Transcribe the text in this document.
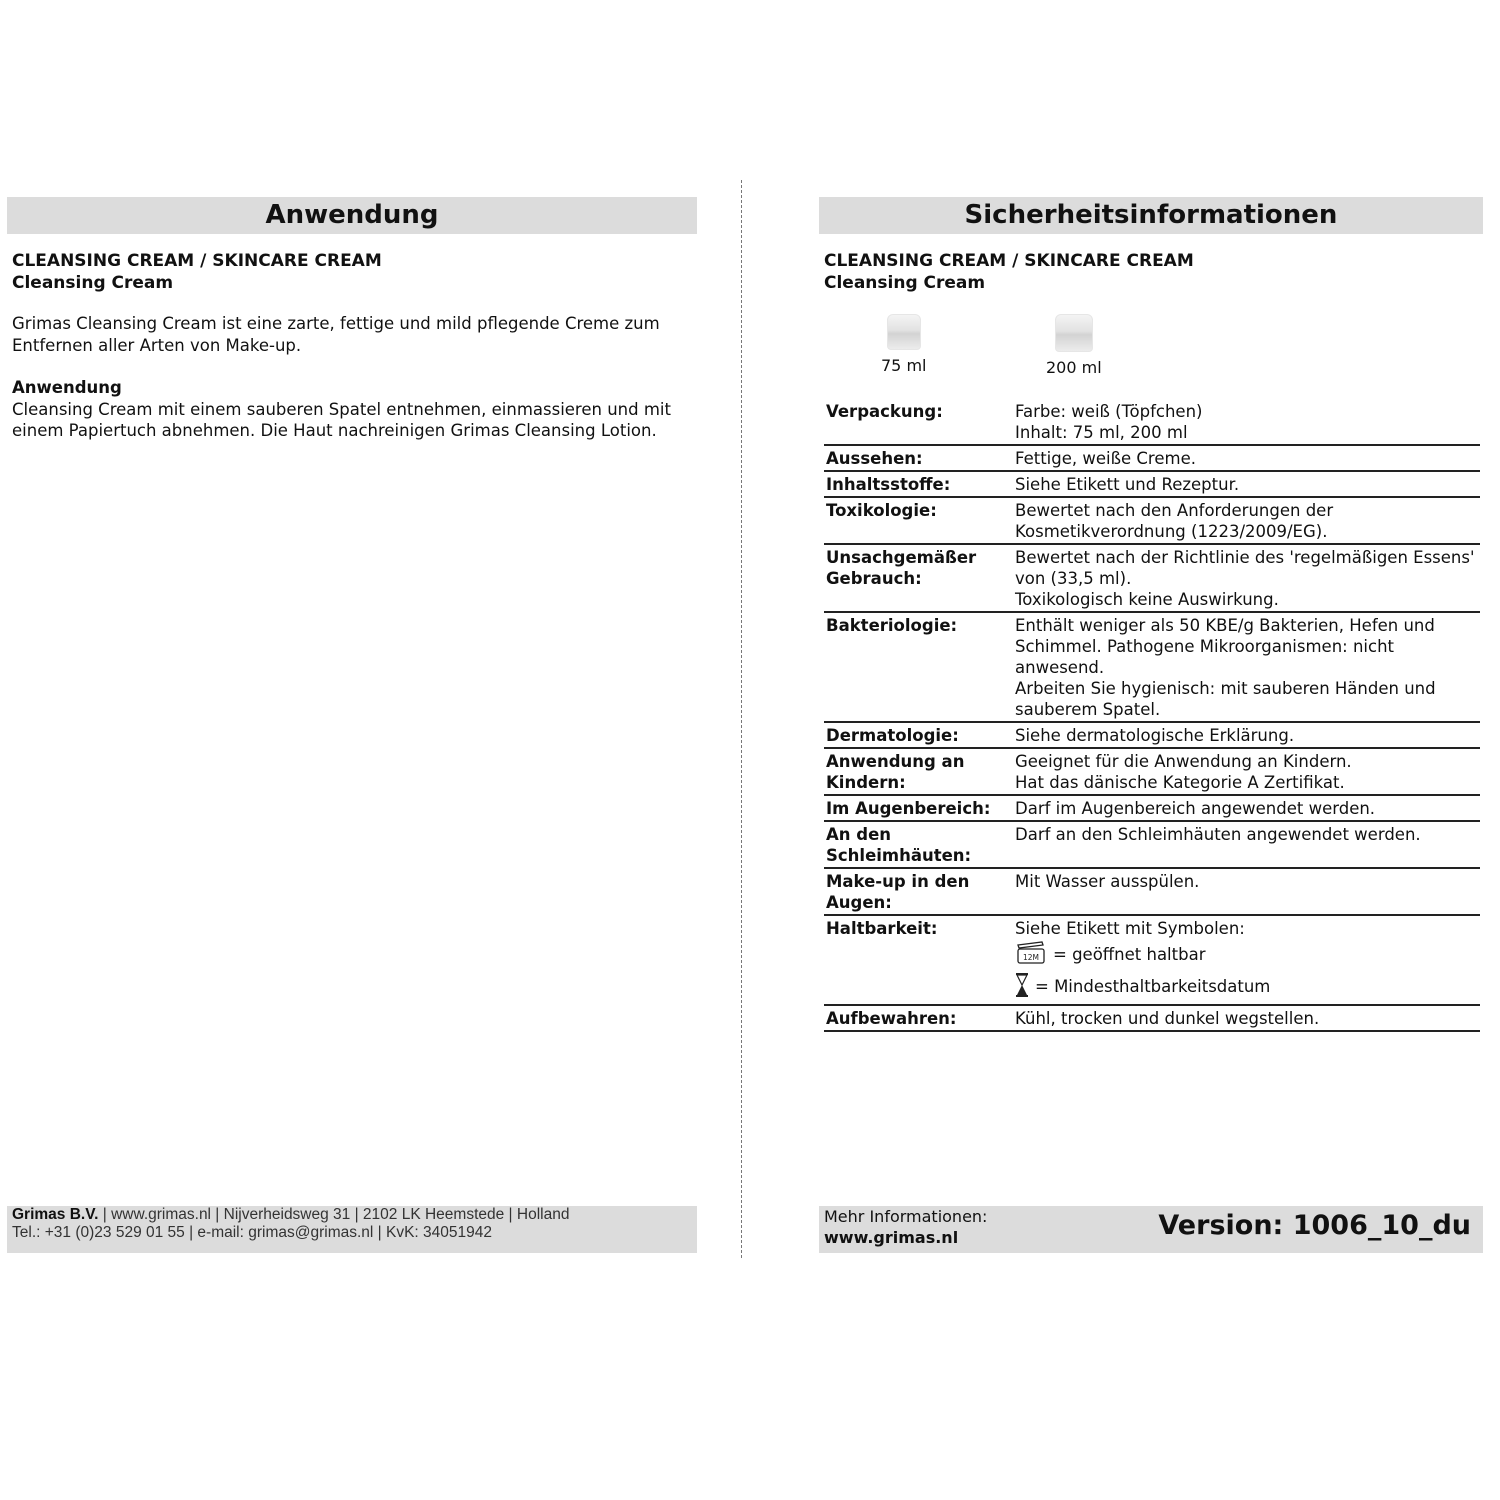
Anwendung
CLEANSING CREAM / SKINCARE CREAM
Cleansing Cream

Grimas Cleansing Cream ist eine zarte, fettige und mild pflegende Creme zum Entfernen aller Arten von Make-up.

Anwendung

Cleansing Cream mit einem sauberen Spatel entnehmen, einmassieren und mit einem Papiertuch abnehmen. Die Haut nachreinigen Grimas Cleansing Lotion.

Grimas B.V. | www.grimas.nl | Nijverheidsweg 31 | 2102 LK Heemstede | Holland
Tel.: +31 (0)23 529 01 55 | e-mail: grimas@grimas.nl | KvK: 34051942
Sicherheitsinformationen
CLEANSING CREAM / SKINCARE CREAM
Cleansing Cream
75 ml	200 ml
Verpackung:	Farbe: weiß (Töpfchen)
Inhalt: 75 ml, 200 ml

Aussehen:	Fettige, weiße Creme.

Inhaltsstoffe:	Siehe Etikett und Rezeptur.

Toxikologie:	Bewertet nach den Anforderungen der Kosmetikverordnung (1223/2009/EG).

Unsachgemäßer Gebrauch:	Bewertet nach der Richtlinie des 'regelmäßigen Essens' von (33,5 ml).
Toxikologisch keine Auswirkung.

Bakteriologie:	Enthält weniger als 50 KBE/g Bakterien, Hefen und Schimmel. Pathogene Mikroorganismen: nicht anwesend.
Arbeiten Sie hygienisch: mit sauberen Händen und sauberem Spatel.

Dermatologie:	Siehe dermatologische Erklärung.

Anwendung an Kindern:	Geeignet für die Anwendung an Kindern.
Hat das dänische Kategorie A Zertifikat.

Im Augenbereich:	Darf im Augenbereich angewendet werden.

An den Schleimhäuten:	Darf an den Schleimhäuten angewendet werden.

Make-up in den Augen:	Mit Wasser ausspülen.

Haltbarkeit:	Siehe Etikett mit Symbolen:
12M = geöffnet haltbar
= Mindesthaltbarkeitsdatum

Aufbewahren:	Kühl, trocken und dunkel wegstellen.
Mehr Informationen:
www.grimas.nl	Version: 1006_10_du
